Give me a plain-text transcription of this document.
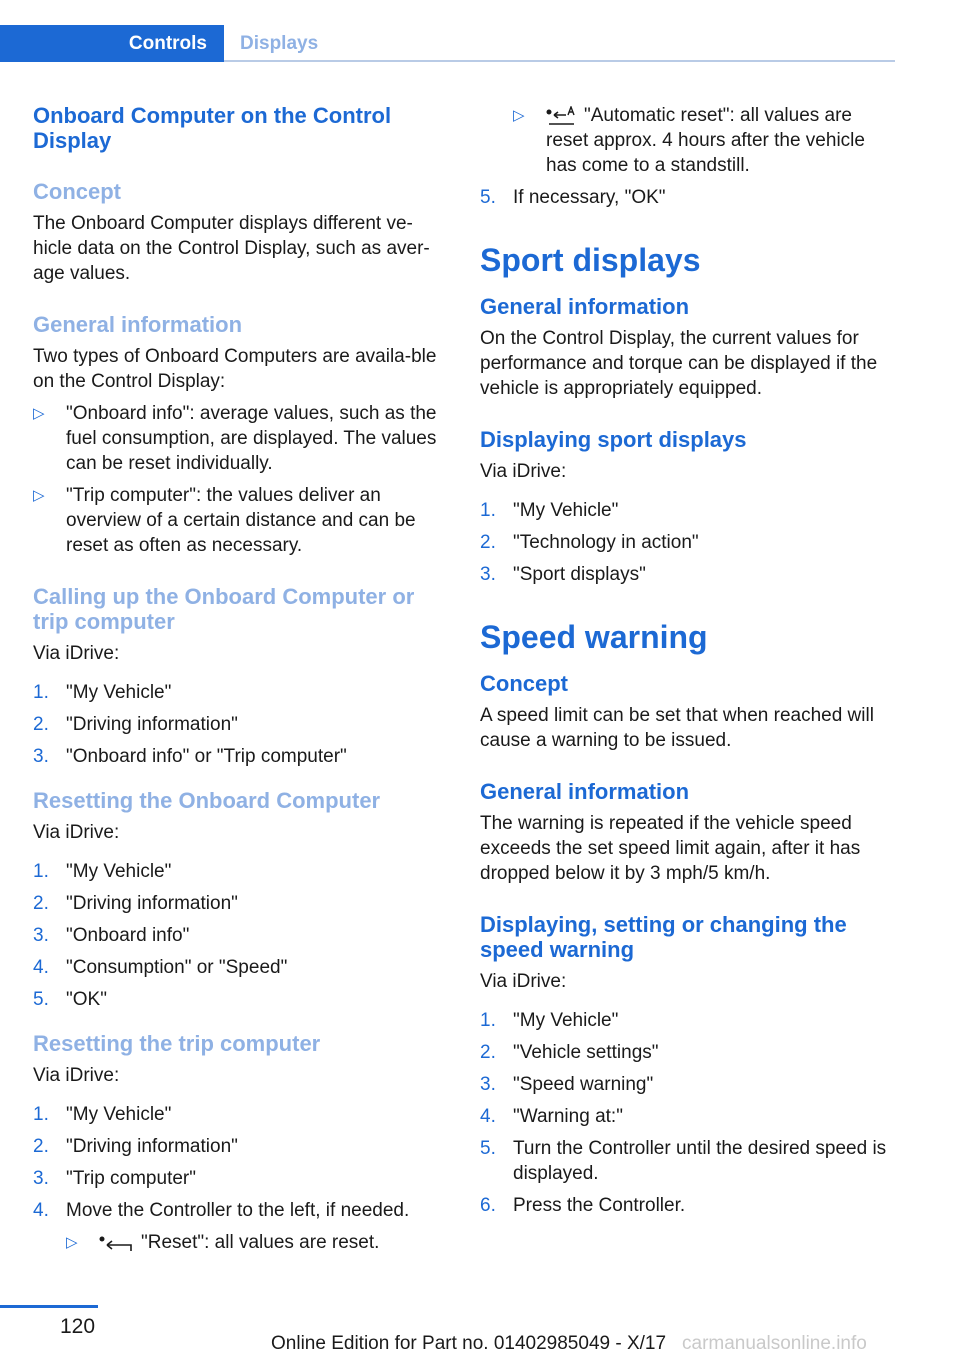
Controls	Displays
Onboard Computer on the Control Display
Concept
The Onboard Computer displays different ve-hicle data on the Control Display, such as aver-age values.
General information
Two types of Onboard Computers are availa-ble on the Control Display:
▷	"Onboard info": average values, such as the fuel consumption, are displayed. The values can be reset individually.
▷	"Trip computer": the values deliver an overview of a certain distance and can be reset as often as necessary.
Calling up the Onboard Computer or trip computer
Via iDrive:
1. "My Vehicle"
2. "Driving information"
3. "Onboard info" or "Trip computer"
Resetting the Onboard Computer
Via iDrive:
1. "My Vehicle"
2. "Driving information"
3. "Onboard info"
4. "Consumption" or "Speed"
5. "OK"
Resetting the trip computer
Via iDrive:
1. "My Vehicle"
2. "Driving information"
3. "Trip computer"
4. Move the Controller to the left, if needed.
▷	"Reset": all values are reset.
▷	"Automatic reset": all values are reset approx. 4 hours after the vehicle has come to a standstill.
5. If necessary, "OK"
Sport displays
General information
On the Control Display, the current values for performance and torque can be displayed if the vehicle is appropriately equipped.
Displaying sport displays
Via iDrive:
1. "My Vehicle"
2. "Technology in action"
3. "Sport displays"
Speed warning
Concept
A speed limit can be set that when reached will cause a warning to be issued.
General information
The warning is repeated if the vehicle speed exceeds the set speed limit again, after it has dropped below it by 3 mph/5 km/h.
Displaying, setting or changing the speed warning
Via iDrive:
1. "My Vehicle"
2. "Vehicle settings"
3. "Speed warning"
4. "Warning at:"
5. Turn the Controller until the desired speed is displayed.
6. Press the Controller.
120
Online Edition for Part no. 01402985049 - X/17 carmanualsonline.info
